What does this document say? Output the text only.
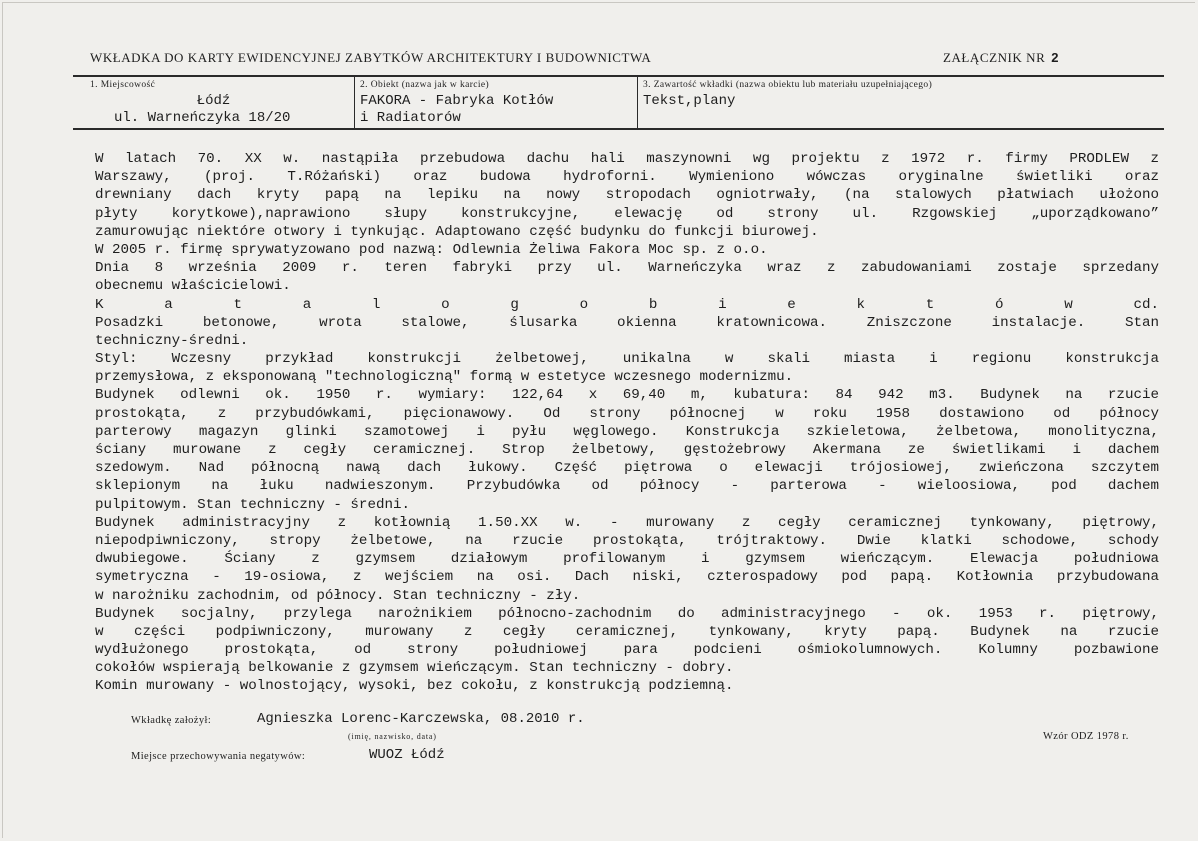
WKŁADKA DO KARTY EWIDENCYJNEJ ZABYTKÓW ARCHITEKTURY I BUDOWNICTWA	ZAŁĄCZNIK NR 2
1. Miejscowość
Łódź
ul. Warneńczyka 18/20
2. Obiekt (nazwa jak w karcie)
FAKORA - Fabryka Kotłów
i Radiatorów
3. Zawartość wkładki (nazwa obiektu lub materiału uzupełniającego)
Tekst,plany
W latach 70. XX w. nastąpiła przebudowa dachu hali maszynowni wg projektu z 1972 r. firmy PRODLEW z
Warszawy, (proj. T.Różański) oraz budowa hydroforni. Wymieniono wówczas oryginalne świetliki oraz
drewniany dach kryty papą na lepiku na nowy stropodach ogniotrwały, (na stalowych płatwiach ułożono
płyty korytkowe),naprawiono słupy konstrukcyjne, elewację od strony ul. Rzgowskiej „uporządkowano”
zamurowując niektóre otwory i tynkując. Adaptowano część budynku do funkcji biurowej.
W 2005 r. firmę sprywatyzowano pod nazwą: Odlewnia Żeliwa Fakora Moc sp. z o.o.
Dnia 8 września 2009 r. teren fabryki przy ul. Warneńczyka wraz z zabudowaniami zostaje sprzedany
obecnemu właścicielowi.
K a t a l o g o b i e k t ó w cd.
Posadzki betonowe, wrota stalowe, ślusarka okienna kratownicowa. Zniszczone instalacje. Stan
techniczny-średni.
Styl: Wczesny przykład konstrukcji żelbetowej, unikalna w skali miasta i regionu konstrukcja
przemysłowa, z eksponowaną "technologiczną" formą w estetyce wczesnego modernizmu.
Budynek odlewni ok. 1950 r. wymiary: 122,64 x 69,40 m, kubatura: 84 942 m3. Budynek na rzucie
prostokąta, z przybudówkami, pięcionawowy. Od strony północnej w roku 1958 dostawiono od północy
parterowy magazyn glinki szamotowej i pyłu węglowego. Konstrukcja szkieletowa, żelbetowa, monolityczna,
ściany murowane z cegły ceramicznej. Strop żelbetowy, gęstożebrowy Akermana ze świetlikami i dachem
szedowym. Nad północną nawą dach łukowy. Część piętrowa o elewacji trójosiowej, zwieńczona szczytem
sklepionym na łuku nadwieszonym. Przybudówka od północy - parterowa - wieloosiowa, pod dachem
pulpitowym. Stan techniczny - średni.
Budynek administracyjny z kotłownią 1.50.XX w. - murowany z cegły ceramicznej tynkowany, piętrowy,
niepodpiwniczony, stropy żelbetowe, na rzucie prostokąta, trójtraktowy. Dwie klatki schodowe, schody
dwubiegowe. Ściany z gzymsem działowym profilowanym i gzymsem wieńczącym. Elewacja południowa
symetryczna - 19-osiowa, z wejściem na osi. Dach niski, czterospadowy pod papą. Kotłownia przybudowana
w narożniku zachodnim, od północy. Stan techniczny - zły.
Budynek socjalny, przylega narożnikiem północno-zachodnim do administracyjnego - ok. 1953 r. piętrowy,
w części podpiwniczony, murowany z cegły ceramicznej, tynkowany, kryty papą. Budynek na rzucie
wydłużonego prostokąta, od strony południowej para podcieni ośmiokolumnowych. Kolumny pozbawione
cokołów wspierają belkowanie z gzymsem wieńczącym. Stan techniczny - dobry.
Komin murowany - wolnostojący, wysoki, bez cokołu, z konstrukcją podziemną.
Wkładkę założył:	Agnieszka Lorenc-Karczewska, 08.2010 r.
(imię, nazwisko, data)
Miejsce przechowywania negatywów:	WUOZ Łódź
Wzór ODZ 1978 r.
